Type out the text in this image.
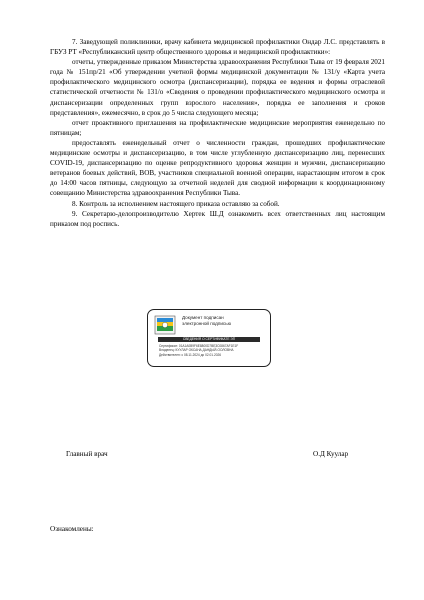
7. Заведующей поликлиники, врачу кабинета медицинской профилактики Ондар Л.С. представлять в ГБУЗ РТ «Республиканский центр общественного здоровья и медицинской профилактики»:

отчеты, утвержденные приказом Министерства здравоохранения Республики Тыва от 19 февраля 2021 года № 151пр/21 «Об утверждении учетной формы медицинской документации № 131/у «Карта учета профилактического медицинского осмотра (диспансеризации), порядка ее ведения и формы отраслевой статистической отчетности № 131/о «Сведения о проведении профилактического медицинского осмотра и диспансеризации определенных групп взрослого населения», порядка ее заполнения и сроков представления», ежемесячно, в срок до 5 числа следующего месяца;

отчет проактивного приглашения на профилактические медицинские мероприятия еженедельно по пятницам;

предоставлять еженедельный отчет о численности граждан, прошедших профилактические медицинские осмотры и диспансеризацию, в том числе углубленную диспансеризацию лиц, перенесших COVID-19, диспансеризацию по оценке репродуктивного здоровья женщин и мужчин, диспансеризацию ветеранов боевых действий, ВОВ, участников специальной военной операции, нарастающим итогом в срок до 14:00 часов пятницы, следующую за отчетной неделей для сводной информации к координационному совещанию Министерства здравоохранения Республики Тыва.

8. Контроль за исполнением настоящего приказа оставляю за собой.

9. Секретарю-делопроизводителю Хертек Ш.Д ознакомить всех ответственных лиц настоящим приказом под роспись.

Документ подписан
электронной подписью
СВЕДЕНИЯ О СЕРТИФИКАТЕ ЭП
Сертификат: 01A1A0B9F6E8800D7BE3C0867AF1E1F
Владелец: КУУЛАР ОКСАНА ДАНДЫЙ-ООЛОВНА
Действителен: с 08.11.2024 до 02.01.2026
Главный врач	О.Д Куулар
Ознакомлены:
